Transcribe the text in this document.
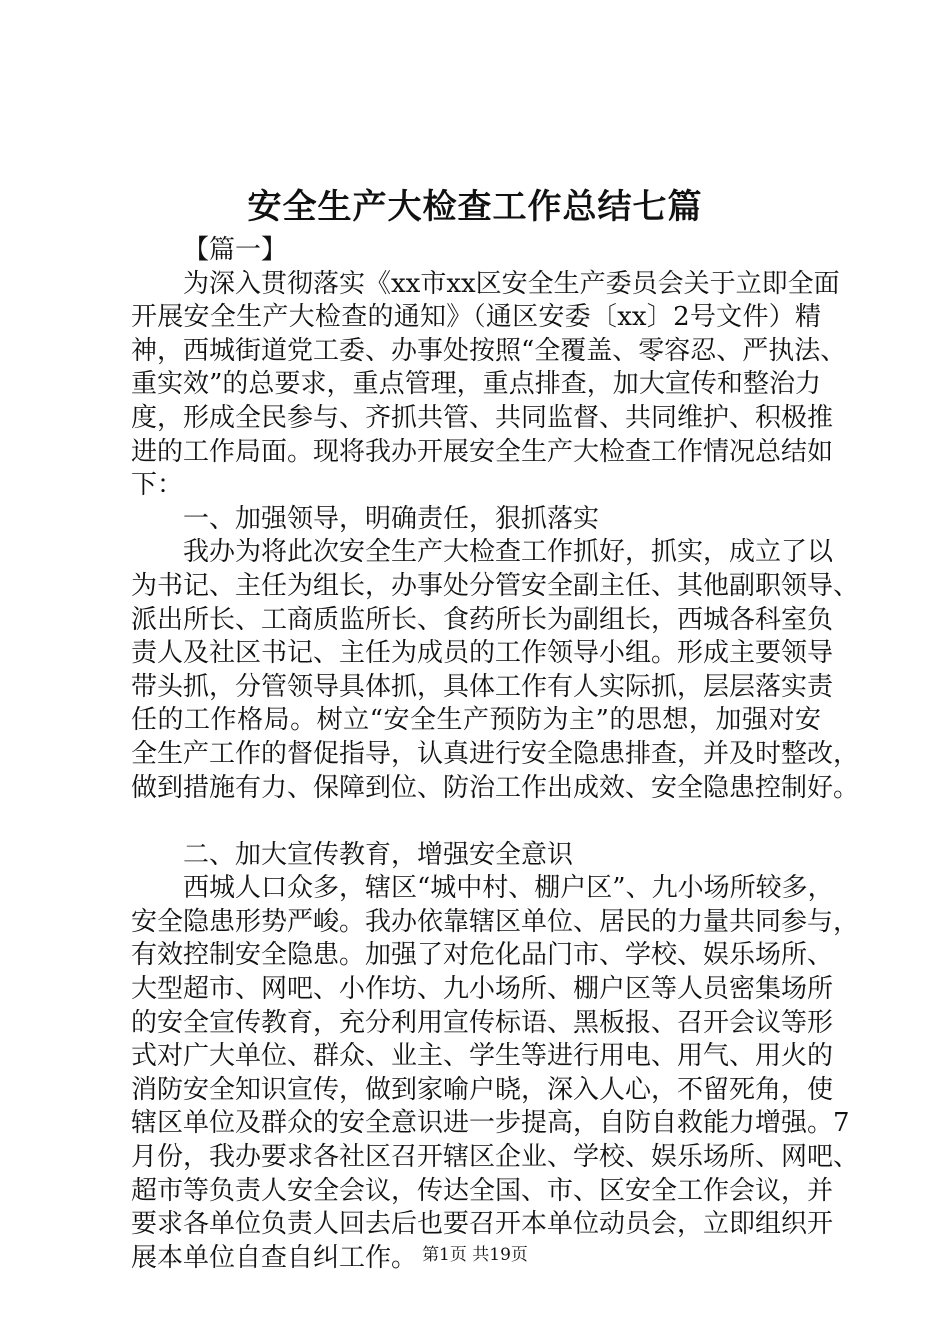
安全生产大检查工作总结七篇
【篇一】
为深入贯彻落实《xx市xx区安全生产委员会关于立即全面
开展安全生产大检查的通知》（通区安委〔xx〕2号文件）精
神，西城街道党工委、办事处按照“全覆盖、零容忍、严执法、
重实效”的总要求，重点管理，重点排查，加大宣传和整治力
度，形成全民参与、齐抓共管、共同监督、共同维护、积极推
进的工作局面。现将我办开展安全生产大检查工作情况总结如
下：
一、加强领导，明确责任，狠抓落实
我办为将此次安全生产大检查工作抓好，抓实，成立了以
为书记、主任为组长，办事处分管安全副主任、其他副职领导、
派出所长、工商质监所长、食药所长为副组长，西城各科室负
责人及社区书记、主任为成员的工作领导小组。形成主要领导
带头抓，分管领导具体抓，具体工作有人实际抓，层层落实责
任的工作格局。树立“安全生产预防为主”的思想，加强对安
全生产工作的督促指导，认真进行安全隐患排查，并及时整改，
做到措施有力、保障到位、防治工作出成效、安全隐患控制好。
二、加大宣传教育，增强安全意识
西城人口众多，辖区“城中村、棚户区”、九小场所较多，
安全隐患形势严峻。我办依靠辖区单位、居民的力量共同参与，
有效控制安全隐患。加强了对危化品门市、学校、娱乐场所、
大型超市、网吧、小作坊、九小场所、棚户区等人员密集场所
的安全宣传教育，充分利用宣传标语、黑板报、召开会议等形
式对广大单位、群众、业主、学生等进行用电、用气、用火的
消防安全知识宣传，做到家喻户晓，深入人心，不留死角，使
辖区单位及群众的安全意识进一步提高，自防自救能力增强。7
月份，我办要求各社区召开辖区企业、学校、娱乐场所、网吧、
超市等负责人安全会议，传达全国、市、区安全工作会议，并
要求各单位负责人回去后也要召开本单位动员会，立即组织开
展本单位自查自纠工作。 第1页 共19页
